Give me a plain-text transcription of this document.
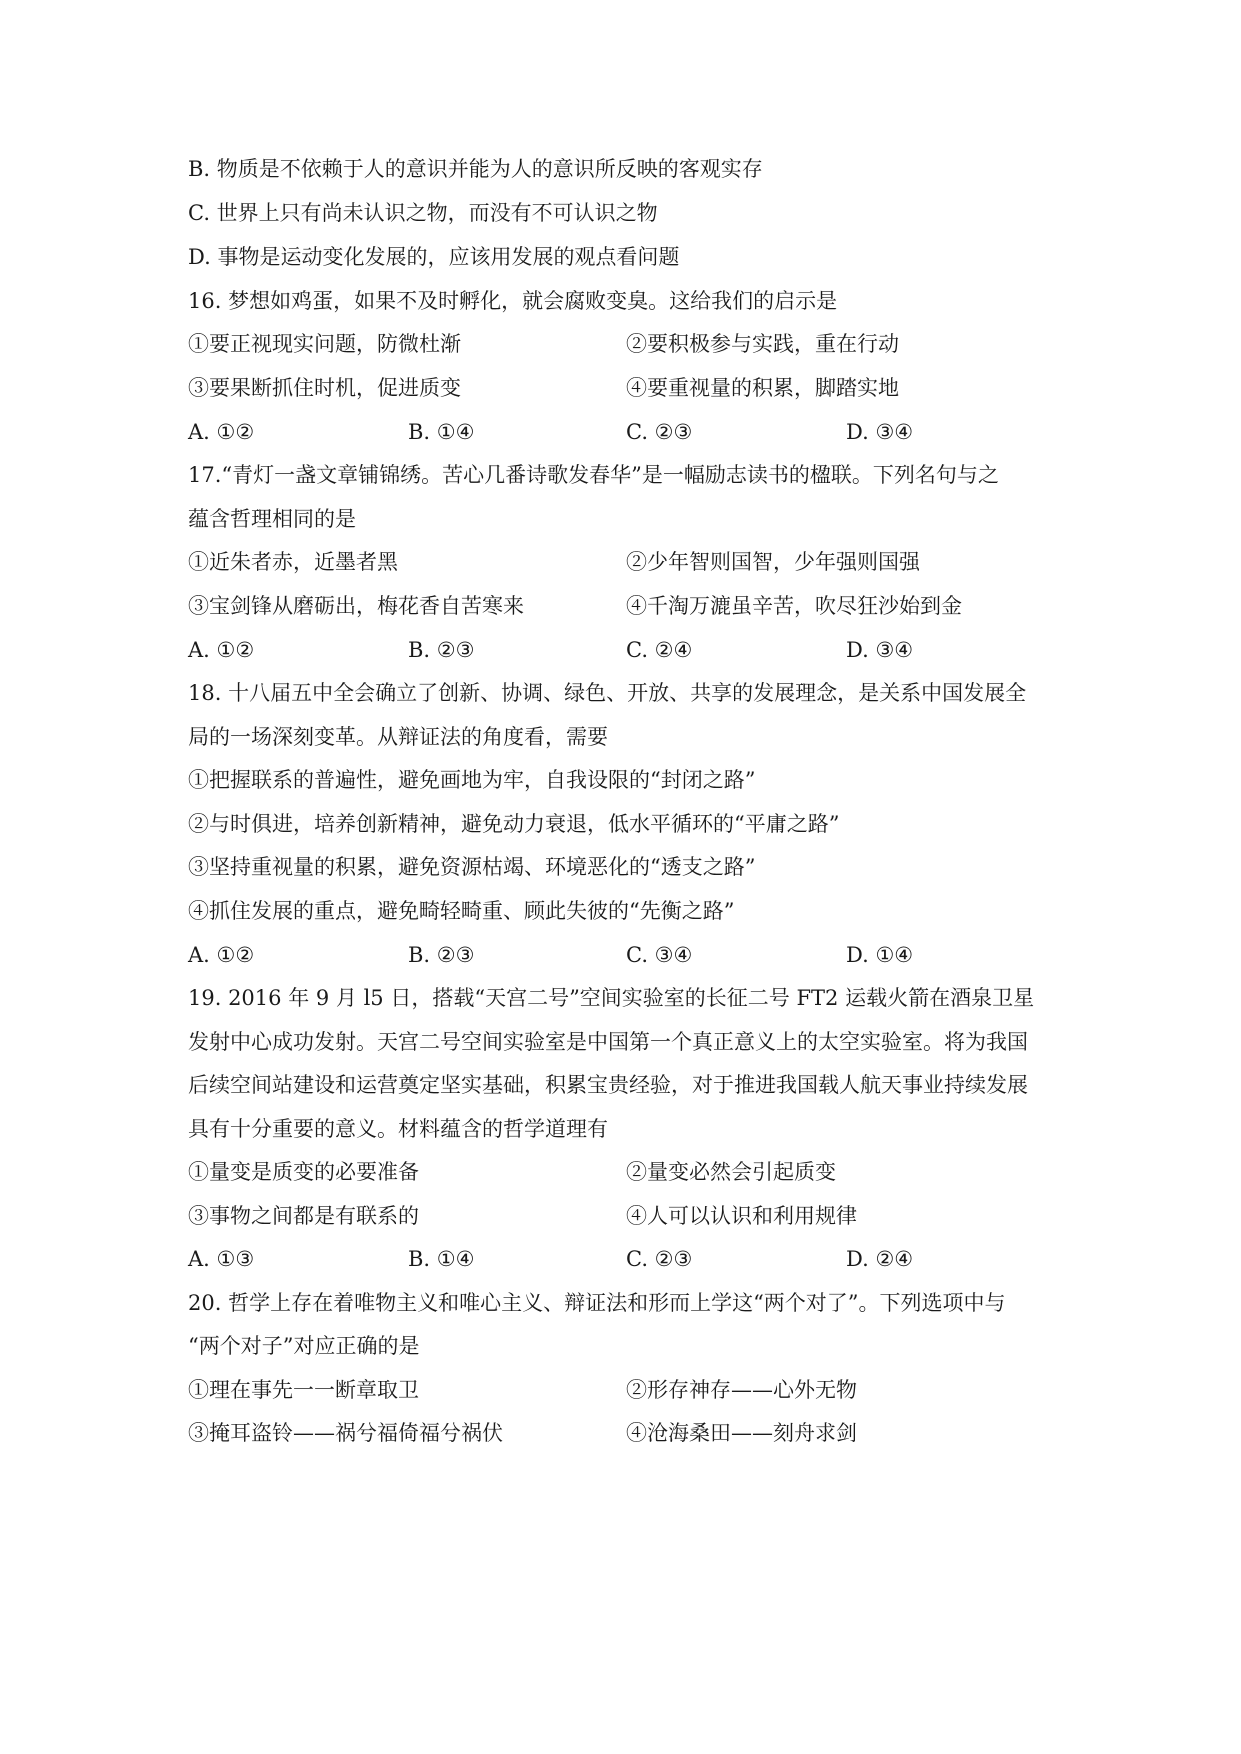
B. 物质是不依赖于人的意识并能为人的意识所反映的客观实存
C. 世界上只有尚未认识之物，而没有不可认识之物
D. 事物是运动变化发展的，应该用发展的观点看问题
16. 梦想如鸡蛋，如果不及时孵化，就会腐败变臭。这给我们的启示是
①要正视现实问题，防微杜渐	②要积极参与实践，重在行动
③要果断抓住时机，促进质变	④要重视量的积累，脚踏实地
A. ①②	B. ①④	C. ②③	D. ③④
17.“青灯一盏文章铺锦绣。苦心几番诗歌发春华”是一幅励志读书的楹联。下列名句与之
蕴含哲理相同的是
①近朱者赤，近墨者黑	②少年智则国智，少年强则国强
③宝剑锋从磨砺出，梅花香自苦寒来	④千淘万漉虽辛苦，吹尽狂沙始到金
A. ①②	B. ②③	C. ②④	D. ③④
18. 十八届五中全会确立了创新、协调、绿色、开放、共享的发展理念，是关系中国发展全
局的一场深刻变革。从辩证法的角度看，需要
①把握联系的普遍性，避免画地为牢，自我设限的“封闭之路”
②与时俱进，培养创新精神，避免动力衰退，低水平循环的“平庸之路”
③坚持重视量的积累，避免资源枯竭、环境恶化的“透支之路”
④抓住发展的重点，避免畸轻畸重、顾此失彼的“先衡之路”
A. ①②	B. ②③	C. ③④	D. ①④
19. 2016 年 9 月 l5 日，搭载“天宫二号”空间实验室的长征二号 FT2 运载火箭在酒泉卫星
发射中心成功发射。天宫二号空间实验室是中国第一个真正意义上的太空实验室。将为我国
后续空间站建设和运营奠定坚实基础，积累宝贵经验，对于推进我国载人航天事业持续发展
具有十分重要的意义。材料蕴含的哲学道理有
①量变是质变的必要准备	②量变必然会引起质变
③事物之间都是有联系的	④人可以认识和利用规律
A. ①③	B. ①④	C. ②③	D. ②④
20. 哲学上存在着唯物主义和唯心主义、辩证法和形而上学这“两个对了”。下列选项中与
“两个对子”对应正确的是
①理在事先一一断章取卫	②形存神存——心外无物
③掩耳盗铃——祸兮福倚福兮祸伏	④沧海桑田——刻舟求剑
